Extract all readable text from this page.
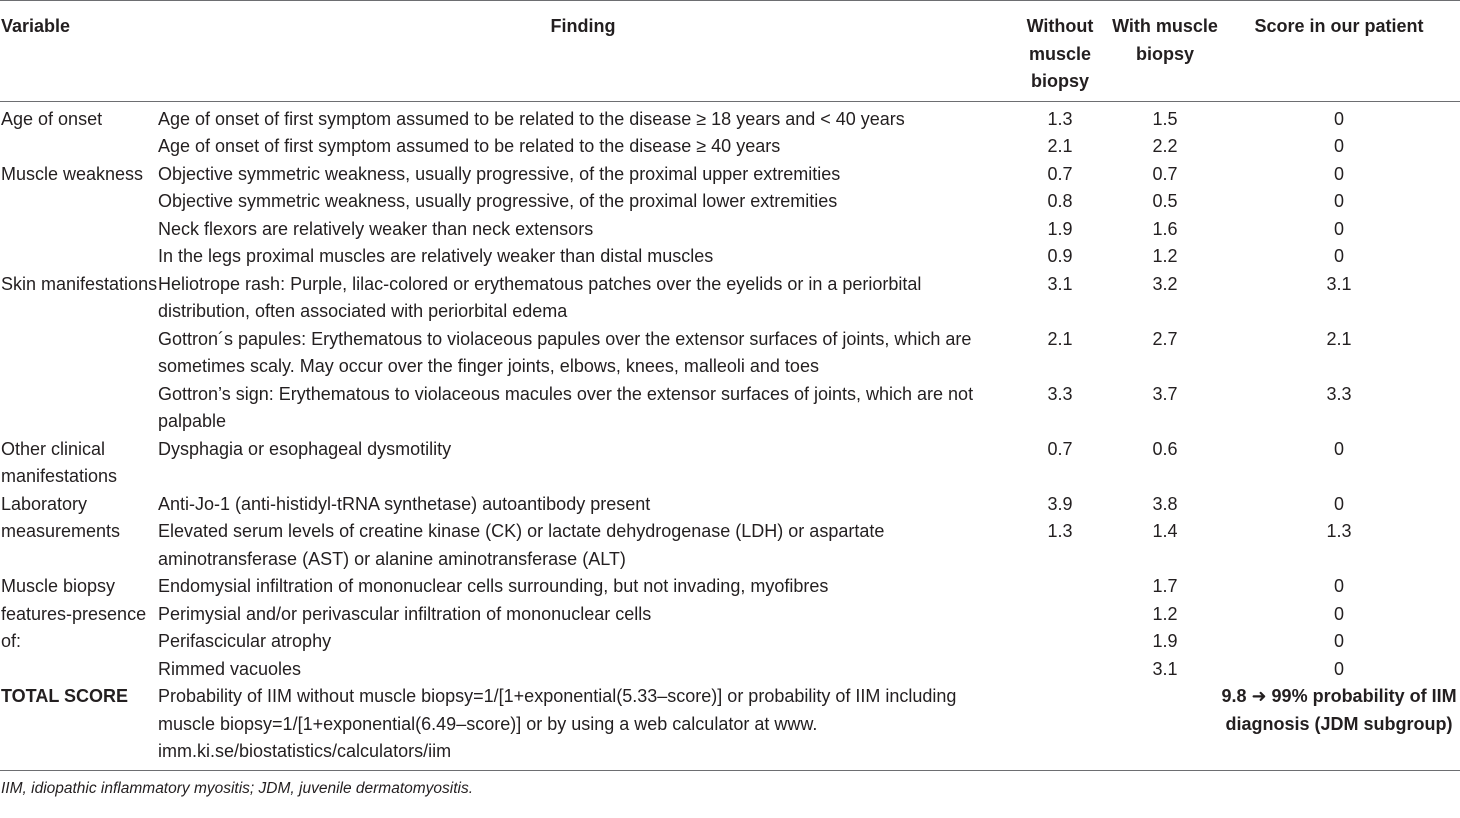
Variable	Finding	Without muscle biopsy	With muscle biopsy	Score in our patient

Age of onset	Age of onset of first symptom assumed to be related to the disease ≥ 18 years and < 40 years	1.3	1.5	0
	Age of onset of first symptom assumed to be related to the disease ≥ 40 years	2.1	2.2	0
Muscle weakness	Objective symmetric weakness, usually progressive, of the proximal upper extremities	0.7	0.7	0
	Objective symmetric weakness, usually progressive, of the proximal lower extremities	0.8	0.5	0
	Neck flexors are relatively weaker than neck extensors	1.9	1.6	0
	In the legs proximal muscles are relatively weaker than distal muscles	0.9	1.2	0
Skin manifestations	Heliotrope rash: Purple, lilac-colored or erythematous patches over the eyelids or in a periorbital distribution, often associated with periorbital edema	3.1	3.2	3.1
	Gottron´s papules: Erythematous to violaceous papules over the extensor surfaces of joints, which are sometimes scaly. May occur over the finger joints, elbows, knees, malleoli and toes	2.1	2.7	2.1
	Gottron’s sign: Erythematous to violaceous macules over the extensor surfaces of joints, which are not palpable	3.3	3.7	3.3
Other clinical manifestations	Dysphagia or esophageal dysmotility	0.7	0.6	0
Laboratory measurements	Anti-Jo-1 (anti-histidyl-tRNA synthetase) autoantibody present	3.9	3.8	0
	Elevated serum levels of creatine kinase (CK) or lactate dehydrogenase (LDH) or aspartate aminotransferase (AST) or alanine aminotransferase (ALT)	1.3	1.4	1.3
Muscle biopsy features-presence of:	Endomysial infiltration of mononuclear cells surrounding, but not invading, myofibres		1.7	0
	Perimysial and/or perivascular infiltration of mononuclear cells		1.2	0
	Perifascicular atrophy		1.9	0
	Rimmed vacuoles		3.1	0
TOTAL SCORE	Probability of IIM without muscle biopsy=1/[1+exponential(5.33–score)] or probability of IIM including muscle biopsy=1/[1+exponential(6.49–score)] or by using a web calculator at www. imm.ki.se/biostatistics/calculators/iim			9.8 ➜ 99% probability of IIM diagnosis (JDM subgroup)
IIM, idiopathic inflammatory myositis; JDM, juvenile dermatomyositis.
